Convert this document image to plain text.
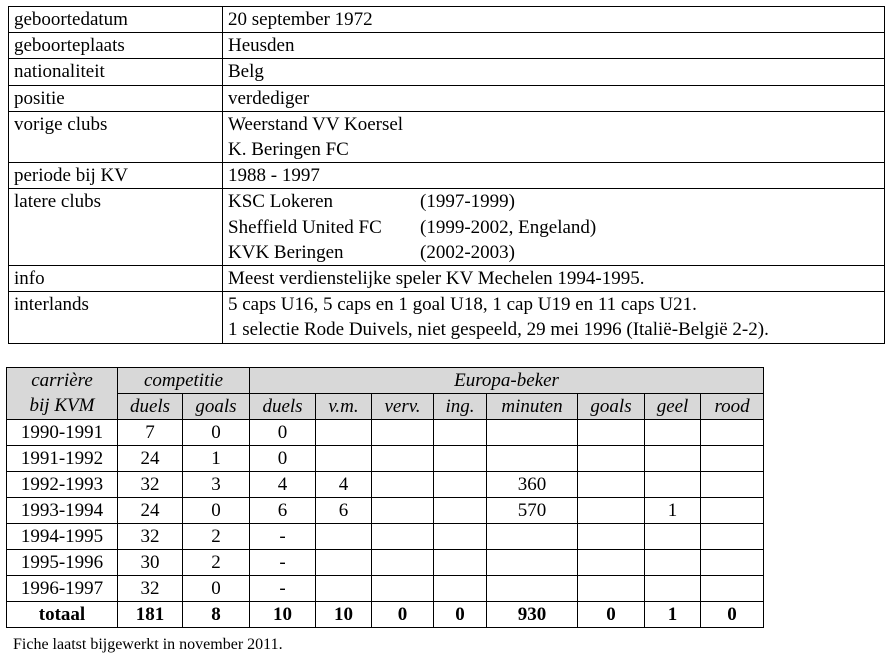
geboortedatum	20 september 1972

geboorteplaats	Heusden

nationaliteit	Belg

positie	verdediger

vorige clubs	Weerstand VV Koersel
K. Beringen FC

periode bij KV	1988 - 1997

latere clubs	KSC Lokeren (1997-1999)
Sheffield United FC (1999-2002, Engeland)
KVK Beringen (2002-2003)

info	Meest verdienstelijke speler KV Mechelen 1994-1995.

interlands	5 caps U16, 5 caps en 1 goal U18, 1 cap U19 en 11 caps U21.
1 selectie Rode Duivels, niet gespeeld, 29 mei 1996 (Italië-België 2-2).
carrière	competitie		Europa-beker							
bij KVM	duels	goals	duels	v.m.	verv.	ing.	minuten	goals	geel	rood
1990-1991	7	0	0							
1991-1992	24	1	0							
1992-1993	32	3	4	4			360			
1993-1994	24	0	6	6			570		1	
1994-1995	32	2	-							
1995-1996	30	2	-							
1996-1997	32	0	-							
totaal	181	8	10	10	0	0	930	0	1	0
Fiche laatst bijgewerkt in november 2011.
